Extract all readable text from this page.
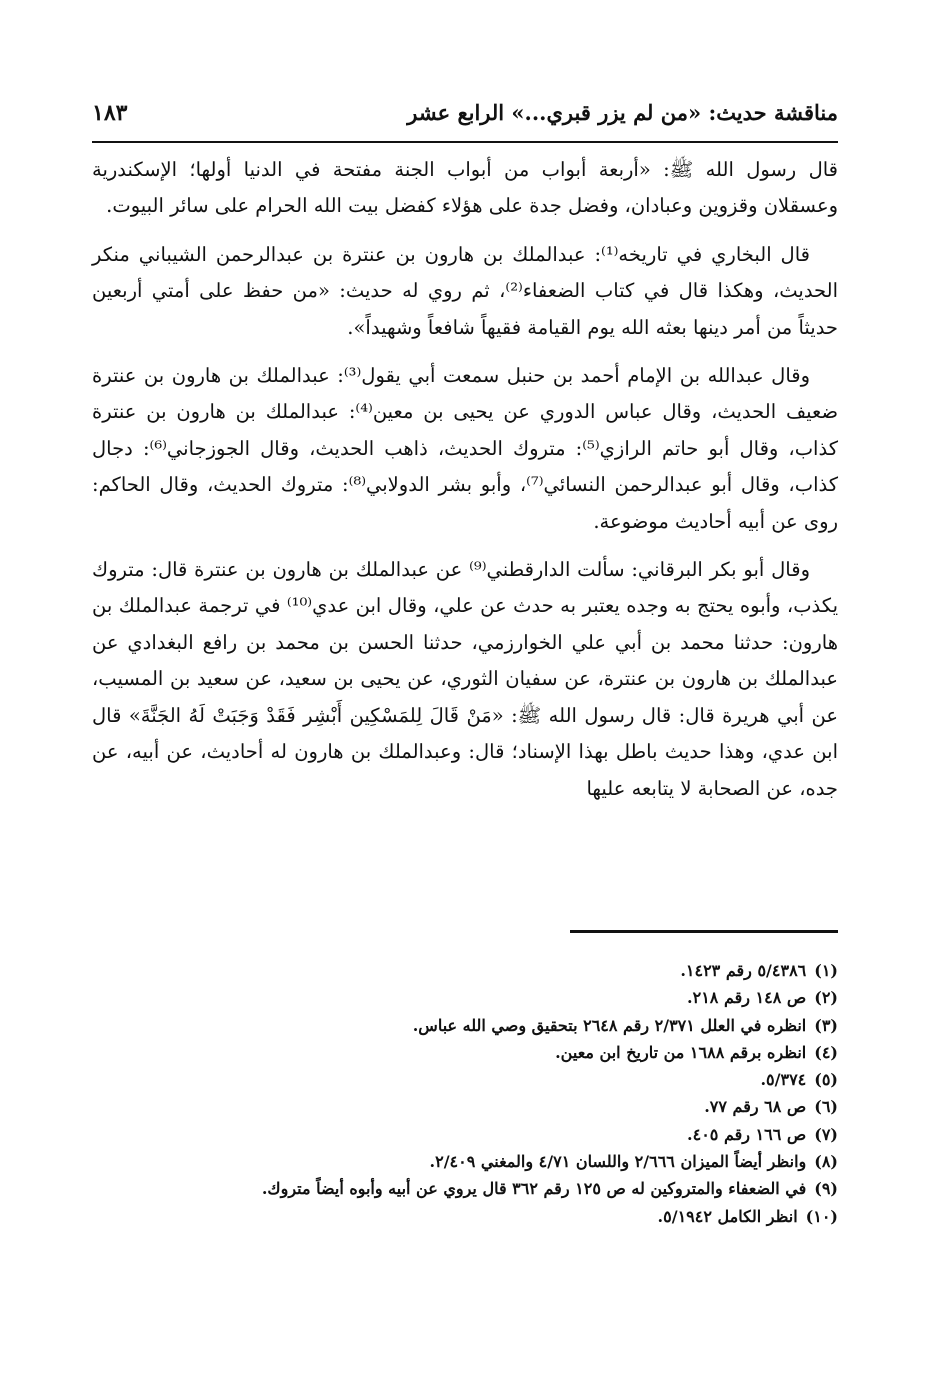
مناقشة حديث: «من لم يزر قبري...» الرابع عشر
١٨٣

قال رسول الله ﷺ: «أربعة أبواب من أبواب الجنة مفتحة في الدنيا أولها؛ الإسكندرية وعسقلان وقزوين وعبادان، وفضل جدة على هؤلاء كفضل بيت الله الحرام على سائر البيوت.

قال البخاري في تاريخه⁽¹⁾: عبدالملك بن هارون بن عنترة بن عبدالرحمن الشيباني منكر الحديث، وهكذا قال في كتاب الضعفاء⁽²⁾، ثم روي له حديث: «من حفظ على أمتي أربعين حديثاً من أمر دينها بعثه الله يوم القيامة فقيهاً شافعاً وشهيداً».

وقال عبدالله بن الإمام أحمد بن حنبل سمعت أبي يقول⁽³⁾: عبدالملك بن هارون بن عنترة ضعيف الحديث، وقال عباس الدوري عن يحيى بن معين⁽⁴⁾: عبدالملك بن هارون بن عنترة كذاب، وقال أبو حاتم الرازي⁽⁵⁾: متروك الحديث، ذاهب الحديث، وقال الجوزجاني⁽⁶⁾: دجال كذاب، وقال أبو عبدالرحمن النسائي⁽⁷⁾، وأبو بشر الدولابي⁽⁸⁾: متروك الحديث، وقال الحاكم: روى عن أبيه أحاديث موضوعة.

وقال أبو بكر البرقاني: سألت الدارقطني⁽⁹⁾ عن عبدالملك بن هارون بن عنترة قال: متروك يكذب، وأبوه يحتج به وجده يعتبر به حدث عن علي، وقال ابن عدي⁽¹⁰⁾ في ترجمة عبدالملك بن هارون: حدثنا محمد بن أبي علي الخوارزمي، حدثنا الحسن بن محمد بن رافع البغدادي عن عبدالملك بن هارون بن عنترة، عن سفيان الثوري، عن يحيى بن سعيد، عن سعيد بن المسيب، عن أبي هريرة قال: قال رسول الله ﷺ: «مَنْ قَالَ لِلمَسْكِين أَبْشِر فَقَدْ وَجَبَتْ لَهُ الجَنَّةَ» قال ابن عدي، وهذا حديث باطل بهذا الإسناد؛ قال: وعبدالملك بن هارون له أحاديث، عن أبيه، عن جده، عن الصحابة لا يتابعه عليها

(١)٥/٤٣٨٦ رقم ١٤٢٣.
(٢)ص ١٤٨ رقم ٢١٨.
(٣)انظره في العلل ٢/٣٧١ رقم ٢٦٤٨ بتحقيق وصي الله عباس.
(٤)انظره برقم ١٦٨٨ من تاريخ ابن معين.
(٥)٥/٣٧٤.
(٦)ص ٦٨ رقم ٧٧.
(٧)ص ١٦٦ رقم ٤٠٥.
(٨)وانظر أيضاً الميزان ٢/٦٦٦ واللسان ٤/٧١ والمغني ٢/٤٠٩.
(٩)في الضعفاء والمتروكين له ص ١٢٥ رقم ٣٦٢ قال يروي عن أبيه وأبوه أيضاً متروك.
(١٠)انظر الكامل ٥/١٩٤٢.
